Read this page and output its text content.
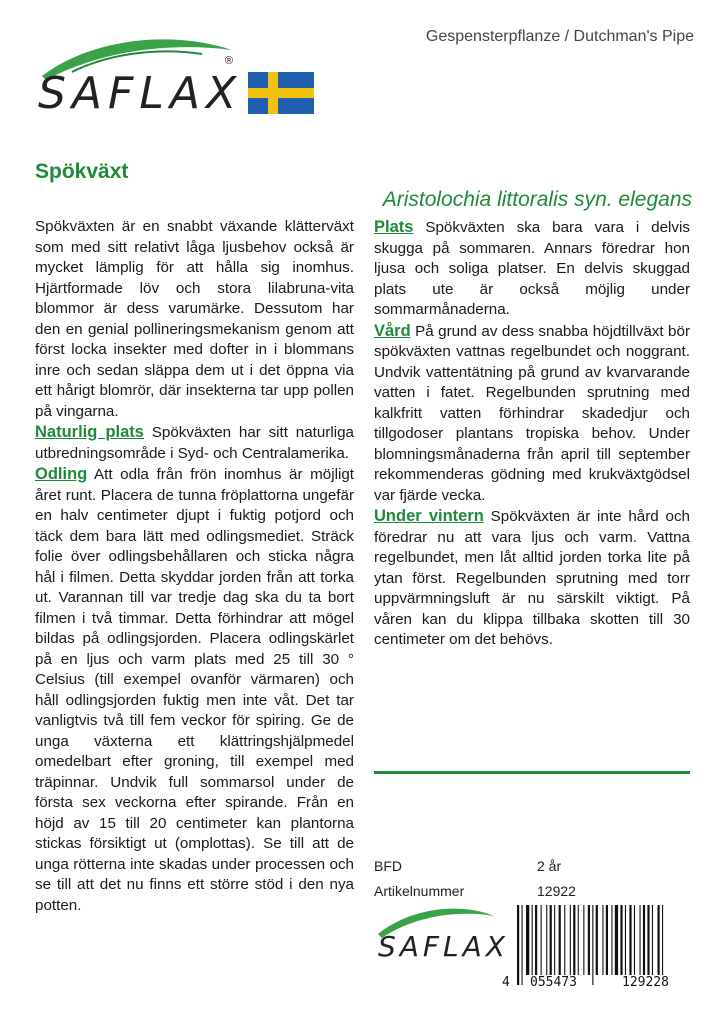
SAFLAX
®
Gespensterpflanze / Dutchman's Pipe
Spökväxt
Aristolochia littoralis syn. elegans

Spökväxten är en snabbt växande klätterväxt som med sitt relativt låga ljusbehov också är mycket lämplig för att hålla sig inomhus. Hjärtformade löv och stora lilabruna-vita blommor är dess varumärke. Dessutom har den en genial pollineringsmekanism genom att först locka insekter med dofter in i blommans inre och sedan släppa dem ut i det öppna via ett hårigt blomrör, där insekterna tar upp pollen på vingarna.

Naturlig plats Spökväxten har sitt naturliga utbredningsområde i Syd- och Centralamerika.

Odling Att odla från frön inomhus är möjligt året runt. Placera de tunna fröplattorna ungefär en halv centimeter djupt i fuktig potjord och täck dem bara lätt med odlingsmediet. Sträck folie över odlingsbehållaren och sticka några hål i filmen. Detta skyddar jorden från att torka ut. Varannan till var tredje dag ska du ta bort filmen i två timmar. Detta förhindrar att mögel bildas på odlingsjorden. Placera odlingskärlet på en ljus och varm plats med 25 till 30 ° Celsius (till exempel ovanför värmaren) och håll odlingsjorden fuktig men inte våt. Det tar vanligtvis två till fem veckor för spiring. Ge de unga växterna ett klättringshjälpmedel omedelbart efter groning, till exempel med träpinnar. Undvik full sommarsol under de första sex veckorna efter spirande. Från en höjd av 15 till 20 centimeter kan plantorna stickas försiktigt ut (omplottas). Se till att de unga rötterna inte skadas under processen och se till att det nu finns ett större stöd i den nya potten.

Plats Spökväxten ska bara vara i delvis skugga på sommaren. Annars föredrar hon ljusa och soliga platser. En delvis skuggad plats ute är också möjlig under sommarmånaderna.

Vård På grund av dess snabba höjdtillväxt bör spökväxten vattnas regelbundet och noggrant. Undvik vattentätning på grund av kvarvarande vatten i fatet. Regelbunden sprutning med kalkfritt vatten förhindrar skadedjur och tillgodoser plantans tropiska behov. Under blomningsmånaderna från april till september rekommenderas gödning med krukväxtgödsel var fjärde vecka.

Under vintern Spökväxten är inte hård och föredrar nu att vara ljus och varm. Vattna regelbundet, men låt alltid jorden torka lite på ytan först. Regelbunden sprutning med torr uppvärmningsluft är nu särskilt viktigt. På våren kan du klippa tillbaka skotten till 30 centimeter om det behövs.

BFD	2 år
Artikelnummer	12922
SAFLAX
4 055473	129228
